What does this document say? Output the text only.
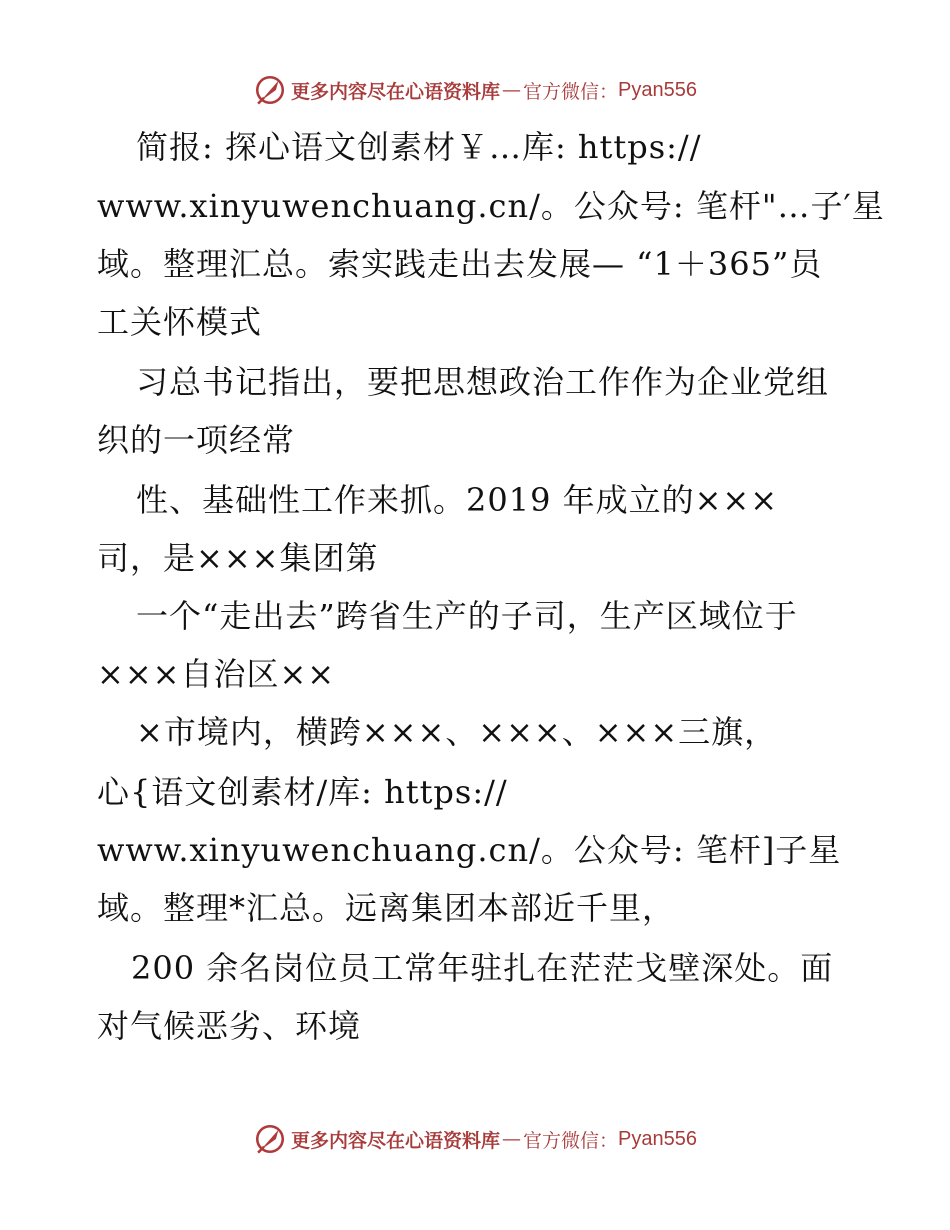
更多内容尽在心语资料库 — 官方微信： Pyan556
简报: 探心语文创素材￥…库: https://
www.xinyuwenchuang.cn/。公众号: 笔杆"…子′星
域。整理汇总。索实践走出去发展— “1＋365”员
工关怀模式
习总书记指出，要把思想政治工作作为企业党组
织的一项经常
性、基础性工作来抓。2019 年成立的×××
司，是×××集团第
一个“走出去”跨省生产的子司，生产区域位于
×××自治区××
×市境内，横跨×××、×××、×××三旗，
心{语文创素材/库: https://
www.xinyuwenchuang.cn/。公众号: 笔杆]子星
域。整理*汇总。远离集团本部近千里，
200 余名岗位员工常年驻扎在茫茫戈壁深处。面
对气候恶劣、环境
更多内容尽在心语资料库 — 官方微信： Pyan556
